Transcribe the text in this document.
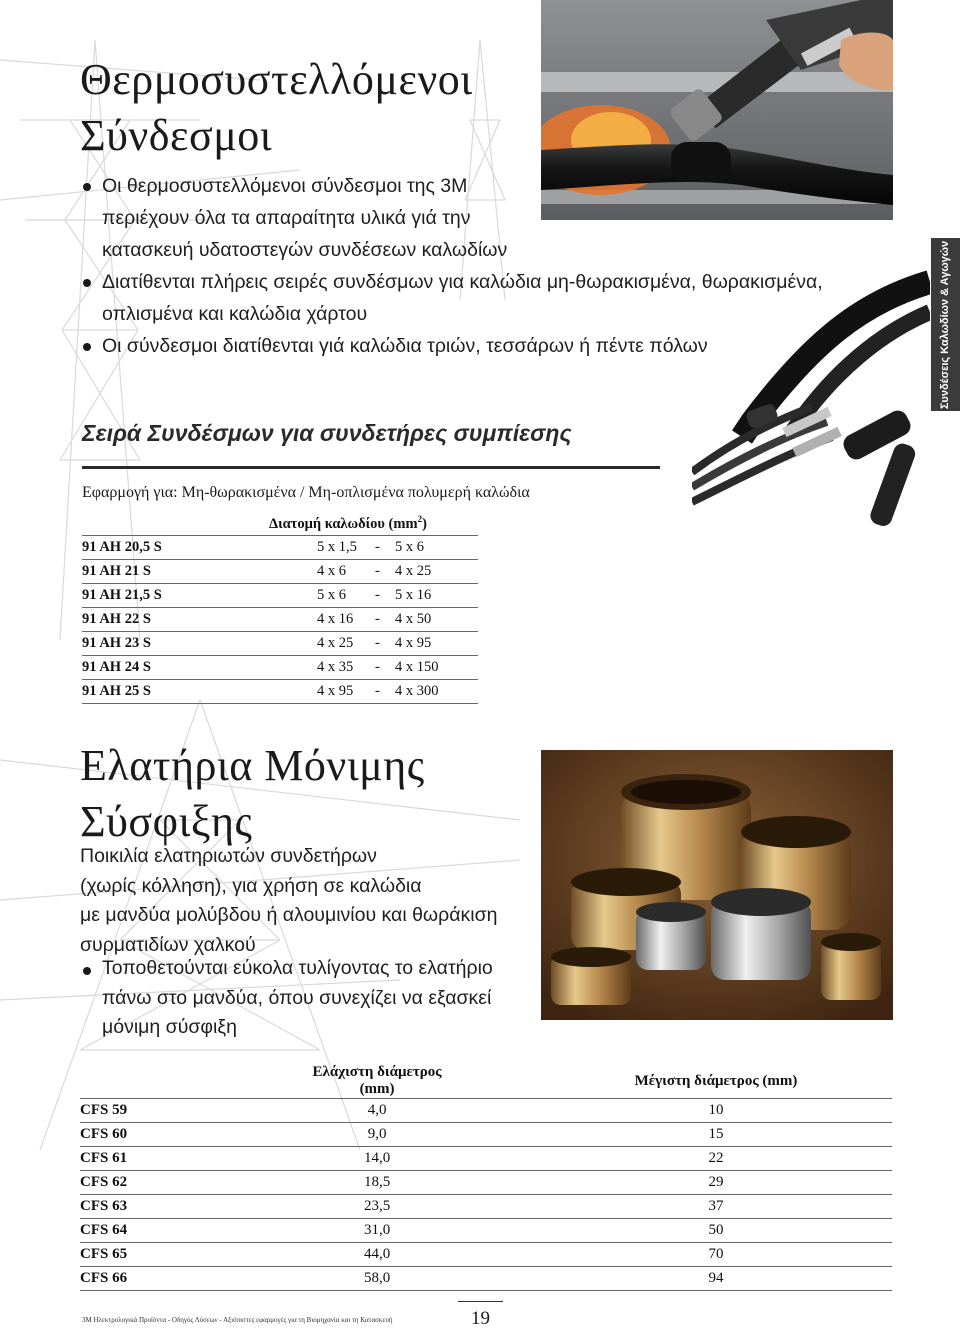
Συνδέσεις Καλωδίων & Αγωγών
Θερμοσυστελλόμενοι
Σύνδεσμοι
Οι θερμοσυστελλόμενοι σύνδεσμοι της 3Μ
περιέχουν όλα τα απαραίτητα υλικά γιά την
κατασκευή υδατοστεγών συνδέσεων καλωδίων
Διατίθενται πλήρεις σειρές συνδέσμων για καλώδια μη-θωρακισμένα, θωρακισμένα,
οπλισμένα και καλώδια χάρτου
Οι σύνδεσμοι διατίθενται γιά καλώδια τριών, τεσσάρων ή πέντε πόλων
Σειρά Συνδέσμων για συνδετήρες συμπίεσης
Εφαρμογή για: Μη-θωρακισμένα / Μη-οπλισμένα πολυμερή καλώδια
	Διατομή καλωδίου $(mm^2)$
91 AH 20,5 S	5 x 1,5 - 5 x 6
91 AH 21 S	4 x 6 - 4 x 25
91 AH 21,5 S	5 x 6 - 5 x 16
91 AH 22 S	4 x 16 - 4 x 50
91 AH 23 S	4 x 25 - 4 x 95
91 AH 24 S	4 x 35 - 4 x 150
91 AH 25 S	4 x 95 - 4 x 300
Ελατήρια Μόνιμης
Σύσφιξης
Ποικιλία ελατηριωτών συνδετήρων
(χωρίς κόλληση), για χρήση σε καλώδια
με μανδύα μολύβδου ή αλουμινίου και θωράκιση
συρματιδίων χαλκού
Τοποθετούνται εύκολα τυλίγοντας το ελατήριο
πάνω στο μανδύα, όπου συνεχίζει να εξασκεί
μόνιμη σύσφιξη
	Ελάχιστη διάμετρος (mm)	Μέγιστη διάμετρος (mm)
CFS 59	4,0	10
CFS 60	9,0	15
CFS 61	14,0	22
CFS 62	18,5	29
CFS 63	23,5	37
CFS 64	31,0	50
CFS 65	44,0	70
CFS 66	58,0	94
3Μ Ηλεκτρολογικά Προϊόντα - Οδηγός Λύσεων - Αξιόπιστες εφαρμογές για τη Βιομηχανία και τη Κατασκευή	19
